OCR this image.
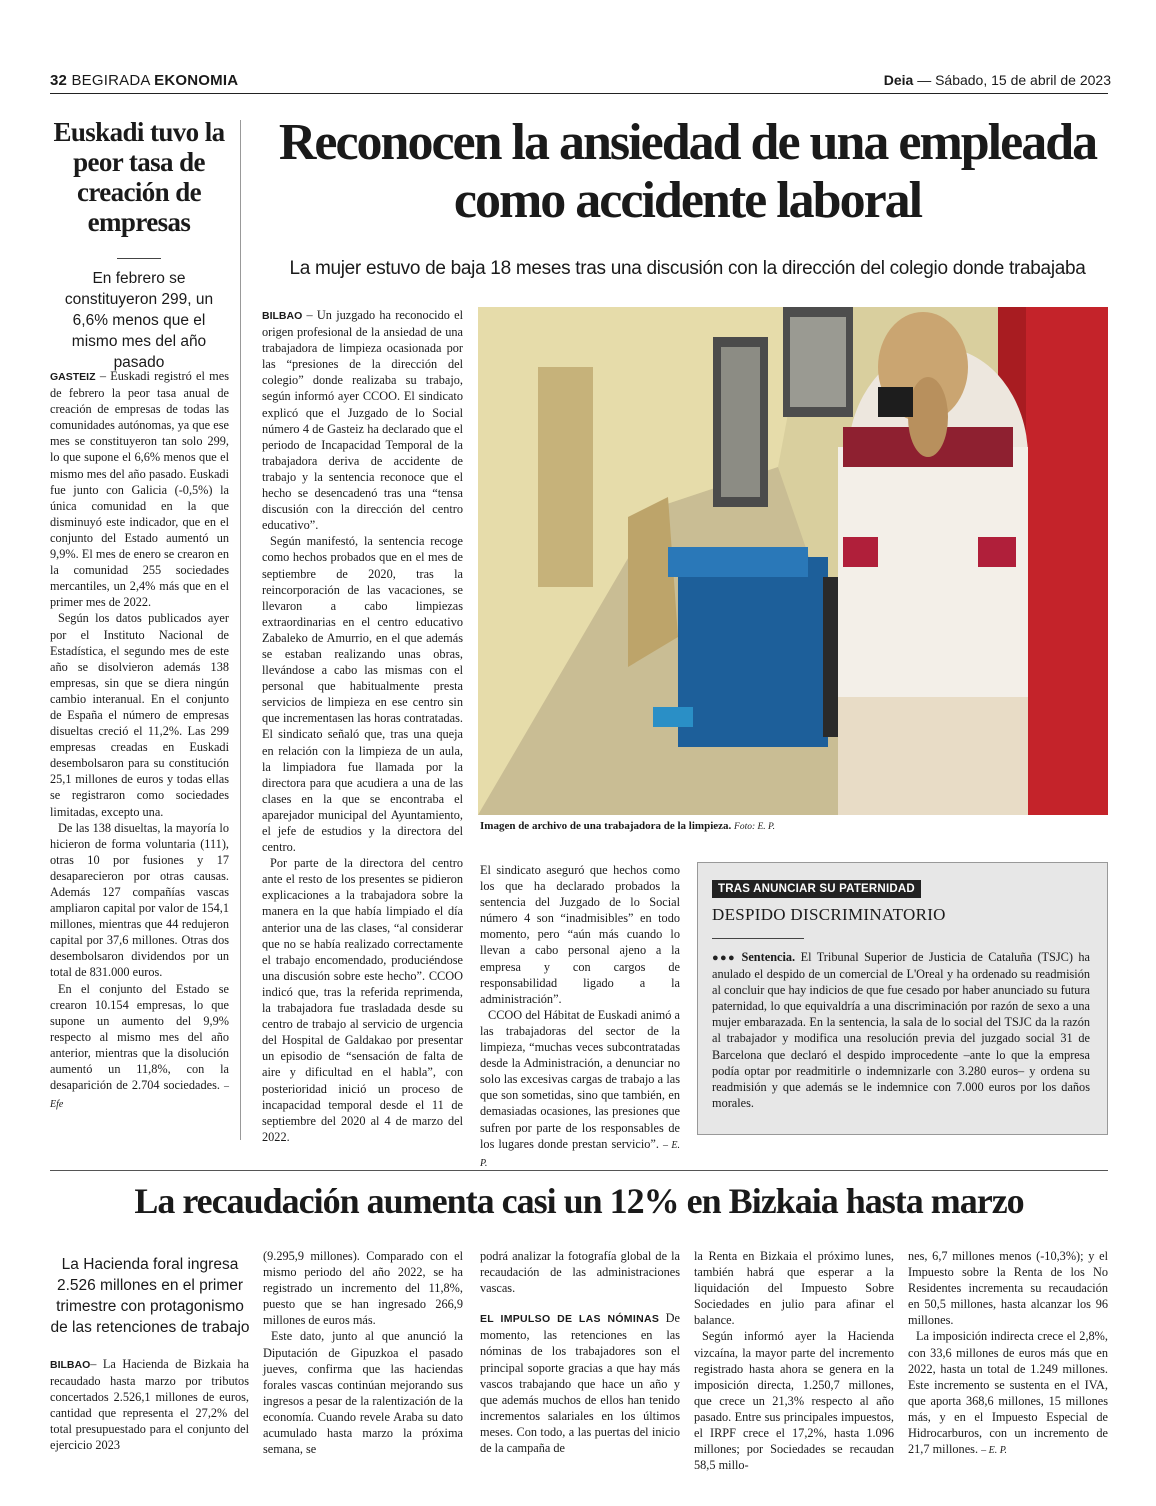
32 BEGIRADA EKONOMIA	Deia — Sábado, 15 de abril de 2023
Euskadi tuvo la peor tasa de creación de empresas
En febrero se constituyeron 299, un 6,6% menos que el mismo mes del año pasado

GASTEIZ – Euskadi registró el mes de febrero la peor tasa anual de creación de empresas de todas las comunidades autónomas, ya que ese mes se constituyeron tan solo 299, lo que supone el 6,6% menos que el mismo mes del año pasado. Euskadi fue junto con Galicia (-0,5%) la única comunidad en la que disminuyó este indicador, que en el conjunto del Estado aumentó un 9,9%. El mes de enero se crearon en la comunidad 255 sociedades mercantiles, un 2,4% más que en el primer mes de 2022.

Según los datos publicados ayer por el Instituto Nacional de Estadística, el segundo mes de este año se disolvieron además 138 empresas, sin que se diera ningún cambio interanual. En el conjunto de España el número de empresas disueltas creció el 11,2%. Las 299 empresas creadas en Euskadi desembolsaron para su constitución 25,1 millones de euros y todas ellas se registraron como sociedades limitadas, excepto una.

De las 138 disueltas, la mayoría lo hicieron de forma voluntaria (111), otras 10 por fusiones y 17 desaparecieron por otras causas. Además 127 compañías vascas ampliaron capital por valor de 154,1 millones, mientras que 44 redujeron capital por 37,6 millones. Otras dos desembolsaron dividendos por un total de 831.000 euros.

En el conjunto del Estado se crearon 10.154 empresas, lo que supone un aumento del 9,9% respecto al mismo mes del año anterior, mientras que la disolución aumentó un 11,8%, con la desaparición de 2.704 sociedades. – Efe

Reconocen la ansiedad de una empleada como accidente laboral
La mujer estuvo de baja 18 meses tras una discusión con la dirección del colegio donde trabajaba

BILBAO – Un juzgado ha reconocido el origen profesional de la ansiedad de una trabajadora de limpieza ocasionada por las “presiones de la dirección del colegio” donde realizaba su trabajo, según informó ayer CCOO. El sindicato explicó que el Juzgado de lo Social número 4 de Gasteiz ha declarado que el periodo de Incapacidad Temporal de la trabajadora deriva de accidente de trabajo y la sentencia reconoce que el hecho se desencadenó tras una “tensa discusión con la dirección del centro educativo”.

Según manifestó, la sentencia recoge como hechos probados que en el mes de septiembre de 2020, tras la reincorporación de las vacaciones, se llevaron a cabo limpiezas extraordinarias en el centro educativo Zabaleko de Amurrio, en el que además se estaban realizando unas obras, llevándose a cabo las mismas con el personal que habitualmente presta servicios de limpieza en ese centro sin que incrementasen las horas contratadas. El sindicato señaló que, tras una queja en relación con la limpieza de un aula, la limpiadora fue llamada por la directora para que acudiera a una de las clases en la que se encontraba el aparejador municipal del Ayuntamiento, el jefe de estudios y la directora del centro.

Por parte de la directora del centro ante el resto de los presentes se pidieron explicaciones a la trabajadora sobre la manera en la que había limpiado el día anterior una de las clases, “al considerar que no se había realizado correctamente el trabajo encomendado, produciéndose una discusión sobre este hecho”. CCOO indicó que, tras la referida reprimenda, la trabajadora fue trasladada desde su centro de trabajo al servicio de urgencia del Hospital de Galdakao por presentar un episodio de “sensación de falta de aire y dificultad en el habla”, con posterioridad inició un proceso de incapacidad temporal desde el 11 de septiembre del 2020 al 4 de marzo del 2022.

Imagen de archivo de una trabajadora de la limpieza. Foto: E. P.

El sindicato aseguró que hechos como los que ha declarado probados la sentencia del Juzgado de lo Social número 4 son “inadmisibles” en todo momento, pero “aún más cuando lo llevan a cabo personal ajeno a la empresa y con cargos de responsabilidad ligado a la administración”.

CCOO del Hábitat de Euskadi animó a las trabajadoras del sector de la limpieza, “muchas veces subcontratadas desde la Administración, a denunciar no solo las excesivas cargas de trabajo a las que son sometidas, sino que también, en demasiadas ocasiones, las presiones que sufren por parte de los responsables de los lugares donde prestan servicio”. – E. P.

TRAS ANUNCIAR SU PATERNIDAD
DESPIDO DISCRIMINATORIO
●●● Sentencia. El Tribunal Superior de Justicia de Cataluña (TSJC) ha anulado el despido de un comercial de L'Oreal y ha ordenado su readmisión al concluir que hay indicios de que fue cesado por haber anunciado su futura paternidad, lo que equivaldría a una discriminación por razón de sexo a una mujer embarazada. En la sentencia, la sala de lo social del TSJC da la razón al trabajador y modifica una resolución previa del juzgado social 31 de Barcelona que declaró el despido improcedente –ante lo que la empresa podía optar por readmitirle o indemnizarle con 3.280 euros– y ordena su readmisión y que además se le indemnice con 7.000 euros por los daños morales.
La recaudación aumenta casi un 12% en Bizkaia hasta marzo
La Hacienda foral ingresa 2.526 millones en el primer trimestre con protagonismo de las retenciones de trabajo

BILBAO– La Hacienda de Bizkaia ha recaudado hasta marzo por tributos concertados 2.526,1 millones de euros, cantidad que representa el 27,2% del total presupuestado para el conjunto del ejercicio 2023

(9.295,9 millones). Comparado con el mismo periodo del año 2022, se ha registrado un incremento del 11,8%, puesto que se han ingresado 266,9 millones de euros más.

Este dato, junto al que anunció la Diputación de Gipuzkoa el pasado jueves, confirma que las haciendas forales vascas continúan mejorando sus ingresos a pesar de la ralentización de la economía. Cuando revele Araba su dato acumulado hasta marzo la próxima semana, se

podrá analizar la fotografía global de la recaudación de las administraciones vascas.

EL IMPULSO DE LAS NÓMINAS De momento, las retenciones en las nóminas de los trabajadores son el principal soporte gracias a que hay más vascos trabajando que hace un año y que además muchos de ellos han tenido incrementos salariales en los últimos meses. Con todo, a las puertas del inicio de la campaña de

la Renta en Bizkaia el próximo lunes, también habrá que esperar a la liquidación del Impuesto Sobre Sociedades en julio para afinar el balance.

Según informó ayer la Hacienda vizcaína, la mayor parte del incremento registrado hasta ahora se genera en la imposición directa, 1.250,7 millones, que crece un 21,3% respecto al año pasado. Entre sus principales impuestos, el IRPF crece el 17,2%, hasta 1.096 millones; por Sociedades se recaudan 58,5 millo-

nes, 6,7 millones menos (-10,3%); y el Impuesto sobre la Renta de los No Residentes incrementa su recaudación en 50,5 millones, hasta alcanzar los 96 millones.

La imposición indirecta crece el 2,8%, con 33,6 millones de euros más que en 2022, hasta un total de 1.249 millones. Este incremento se sustenta en el IVA, que aporta 368,6 millones, 15 millones más, y en el Impuesto Especial de Hidrocarburos, con un incremento de 21,7 millones. – E. P.
